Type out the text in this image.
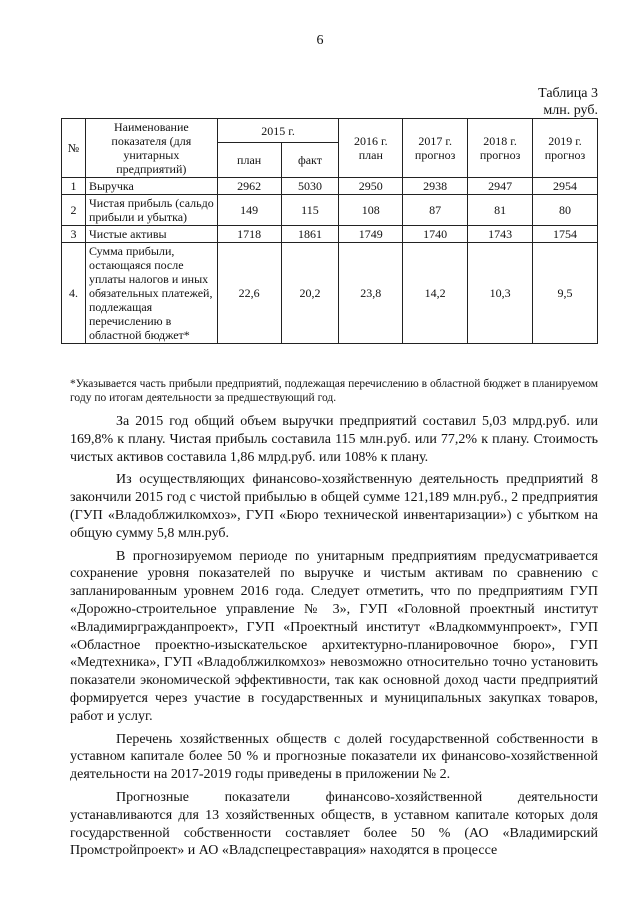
6
Таблица 3
млн. руб.
№	Наименование показателя (для унитарных предприятий)	2015 г.		2016 г. план	2017 г. прогноз	2018 г. прогноз	2019 г. прогноз
		план	факт				
1	Выручка	2962	5030	2950	2938	2947	2954
2	Чистая прибыль (сальдо прибыли и убытка)	149	115	108	87	81	80
3	Чистые активы	1718	1861	1749	1740	1743	1754
4.	Сумма прибыли, остающаяся после уплаты налогов и иных обязательных платежей, подлежащая перечислению в областной бюджет*	22,6	20,2	23,8	14,2	10,3	9,5
*Указывается часть прибыли предприятий, подлежащая перечислению в областной бюджет в планируемом году по итогам деятельности за предшествующий год.

За 2015 год общий объем выручки предприятий составил 5,03 млрд.руб. или 169,8% к плану. Чистая прибыль составила 115 млн.руб. или 77,2% к плану. Стоимость чистых активов составила 1,86 млрд.руб. или 108% к плану.

Из осуществляющих финансово-хозяйственную деятельность предприятий 8 закончили 2015 год с чистой прибылью в общей сумме 121,189 млн.руб., 2 предприятия (ГУП «Владоблжилкомхоз», ГУП «Бюро технической инвентаризации») с убытком на общую сумму 5,8 млн.руб.

В прогнозируемом периоде по унитарным предприятиям предусматривается сохранение уровня показателей по выручке и чистым активам по сравнению с запланированным уровнем 2016 года. Следует отметить, что по предприятиям ГУП «Дорожно-строительное управление № 3», ГУП «Головной проектный институт «Владимиргражданпроект», ГУП «Проектный институт «Владкоммунпроект», ГУП «Областное проектно-изыскательское архитектурно-планировочное бюро», ГУП «Медтехника», ГУП «Владоблжилкомхоз» невозможно относительно точно установить показатели экономической эффективности, так как основной доход части предприятий формируется через участие в государственных и муниципальных закупках товаров, работ и услуг.

Перечень хозяйственных обществ с долей государственной собственности в уставном капитале более 50 % и прогнозные показатели их финансово-хозяйственной деятельности на 2017-2019 годы приведены в приложении № 2.

Прогнозные показатели финансово-хозяйственной деятельности устанавливаются для 13 хозяйственных обществ, в уставном капитале которых доля государственной собственности составляет более 50 % (АО «Владимирский Промстройпроект» и АО «Владспецреставрация» находятся в процессе
